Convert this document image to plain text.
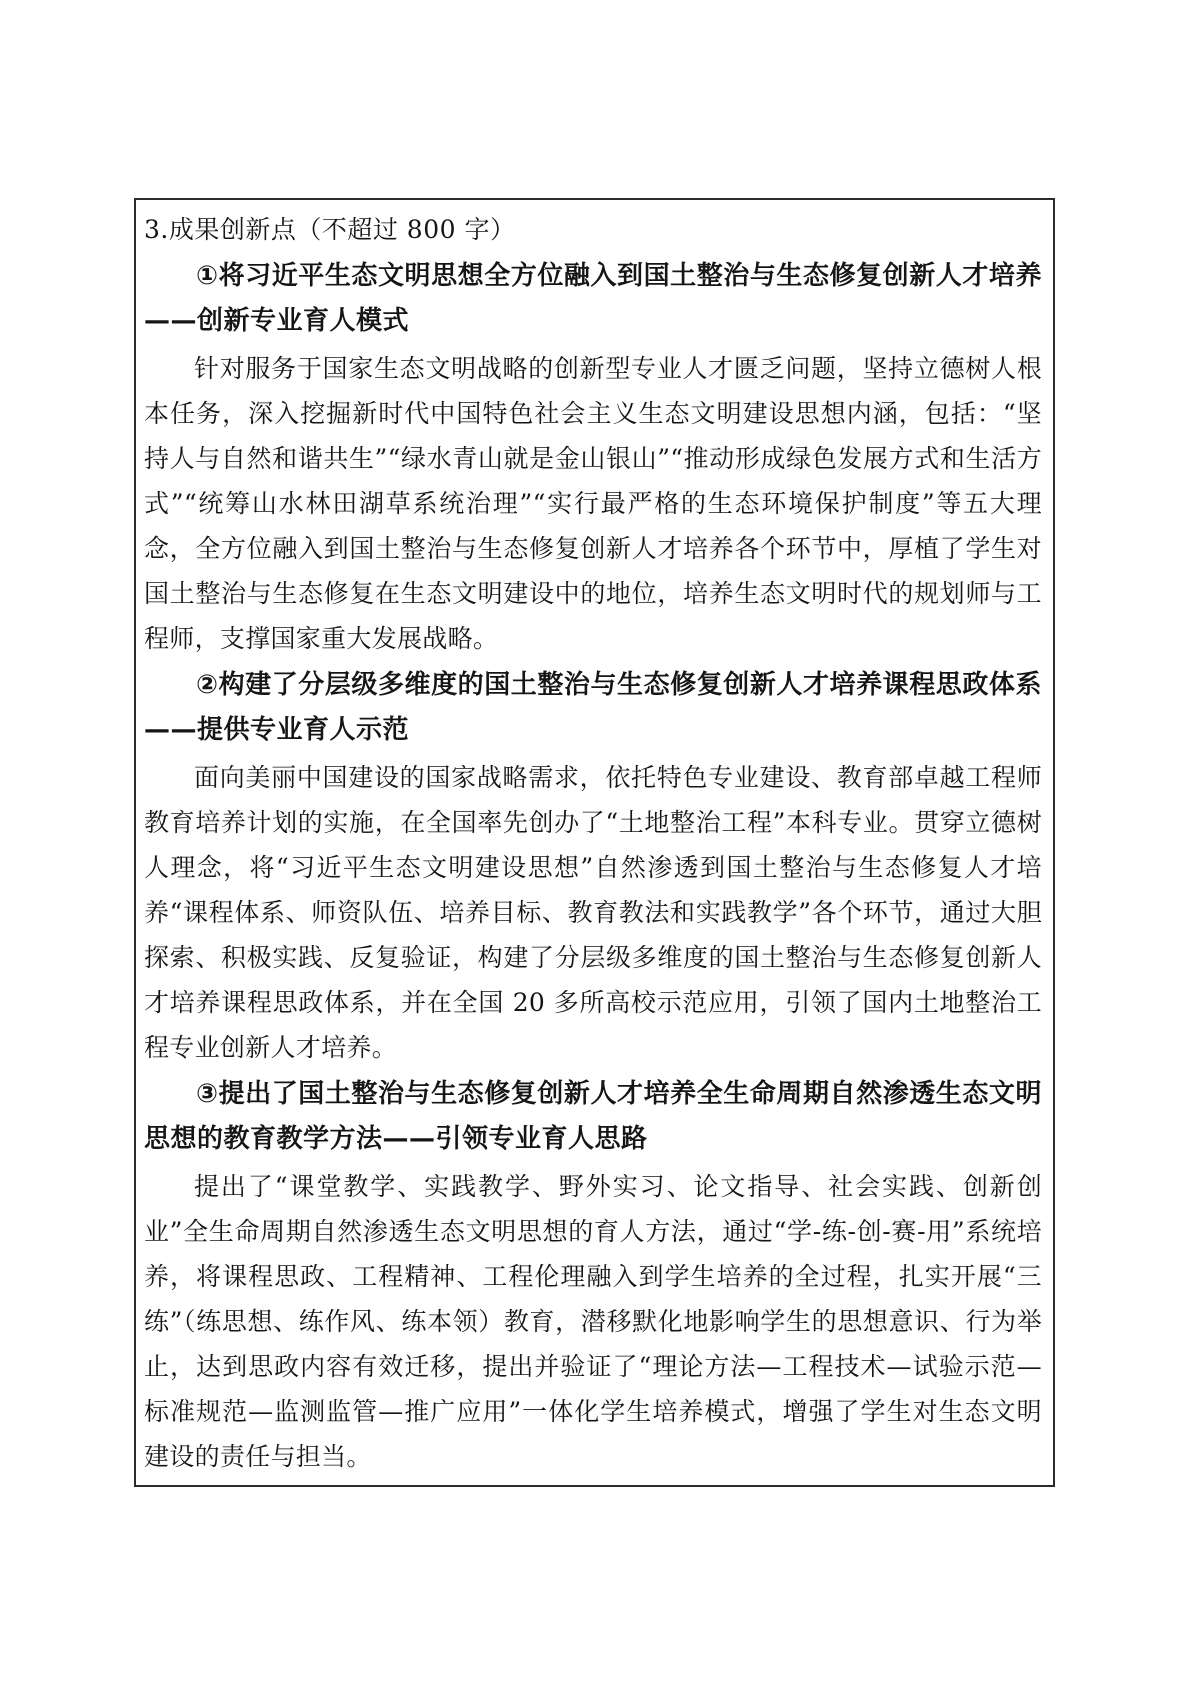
3.成果创新点（不超过 800 字）

①将习近平生态文明思想全方位融入到国土整治与生态修复创新人才培养——创新专业育人模式

针对服务于国家生态文明战略的创新型专业人才匮乏问题，坚持立德树人根本任务，深入挖掘新时代中国特色社会主义生态文明建设思想内涵，包括：“坚持人与自然和谐共生”“绿水青山就是金山银山”“推动形成绿色发展方式和生活方式”“统筹山水林田湖草系统治理”“实行最严格的生态环境保护制度”等五大理念，全方位融入到国土整治与生态修复创新人才培养各个环节中，厚植了学生对国土整治与生态修复在生态文明建设中的地位，培养生态文明时代的规划师与工程师，支撑国家重大发展战略。

②构建了分层级多维度的国土整治与生态修复创新人才培养课程思政体系——提供专业育人示范

面向美丽中国建设的国家战略需求，依托特色专业建设、教育部卓越工程师教育培养计划的实施，在全国率先创办了“土地整治工程”本科专业。贯穿立德树人理念，将“习近平生态文明建设思想”自然渗透到国土整治与生态修复人才培养“课程体系、师资队伍、培养目标、教育教法和实践教学”各个环节，通过大胆探索、积极实践、反复验证，构建了分层级多维度的国土整治与生态修复创新人才培养课程思政体系，并在全国 20 多所高校示范应用，引领了国内土地整治工程专业创新人才培养。

③提出了国土整治与生态修复创新人才培养全生命周期自然渗透生态文明思想的教育教学方法——引领专业育人思路

提出了“课堂教学、实践教学、野外实习、论文指导、社会实践、创新创业”全生命周期自然渗透生态文明思想的育人方法，通过“学-练-创-赛-用”系统培养，将课程思政、工程精神、工程伦理融入到学生培养的全过程，扎实开展“三练”（练思想、练作风、练本领）教育，潜移默化地影响学生的思想意识、行为举止，达到思政内容有效迁移，提出并验证了“理论方法—工程技术—试验示范—标准规范—监测监管—推广应用”一体化学生培养模式，增强了学生对生态文明建设的责任与担当。
